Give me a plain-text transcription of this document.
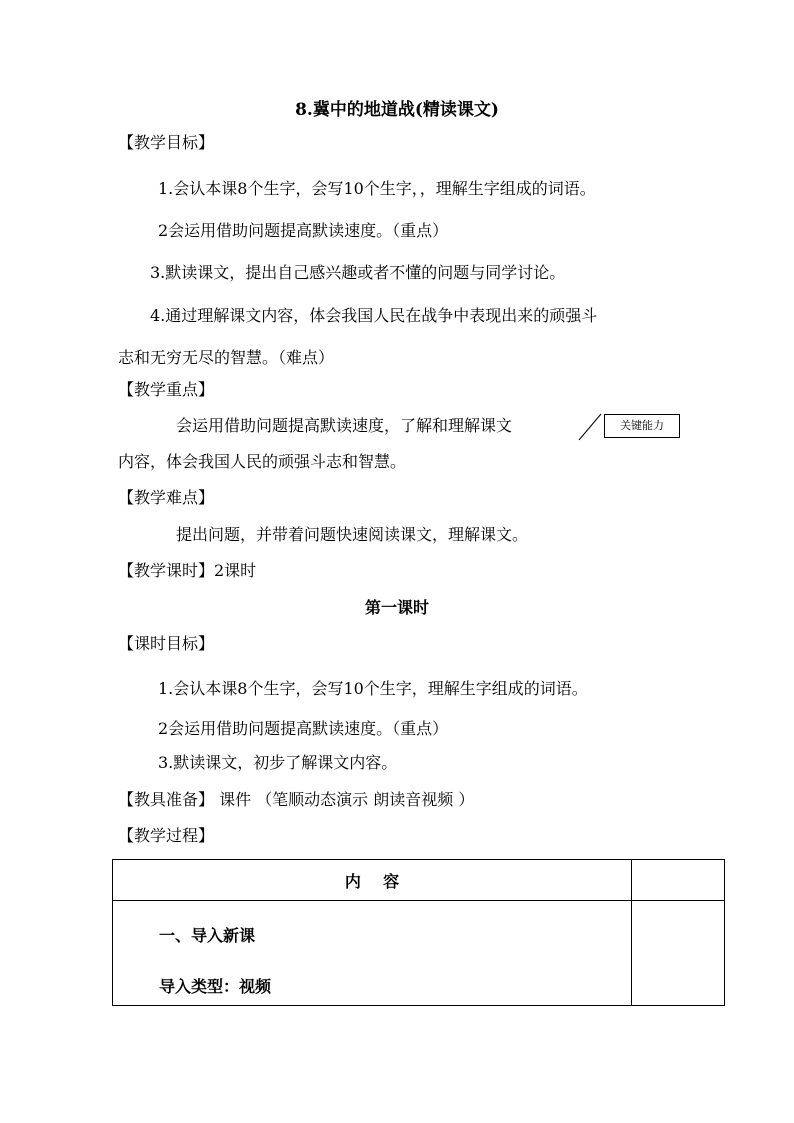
8.冀中的地道战(精读课文)
【教学目标】
1.会认本课8个生字，会写10个生字，，理解生字组成的词语。
2会运用借助问题提高默读速度。（重点）
3.默读课文，提出自己感兴趣或者不懂的问题与同学讨论。
4.通过理解课文内容，体会我国人民在战争中表现出来的顽强斗
志和无穷无尽的智慧。（难点）
【教学重点】
会运用借助问题提高默读速度，了解和理解课文	关键能力
内容，体会我国人民的顽强斗志和智慧。
【教学难点】
提出问题，并带着问题快速阅读课文，理解课文。
【教学课时】2课时
第一课时
【课时目标】
1.会认本课8个生字，会写10个生字，理解生字组成的词语。
2会运用借助问题提高默读速度。（重点）
3.默读课文，初步了解课文内容。
【教具准备】 课件 （笔顺动态演示 朗读音视频 ）
【教学过程】
内    容	

一、导入新课
导入类型：视频	
